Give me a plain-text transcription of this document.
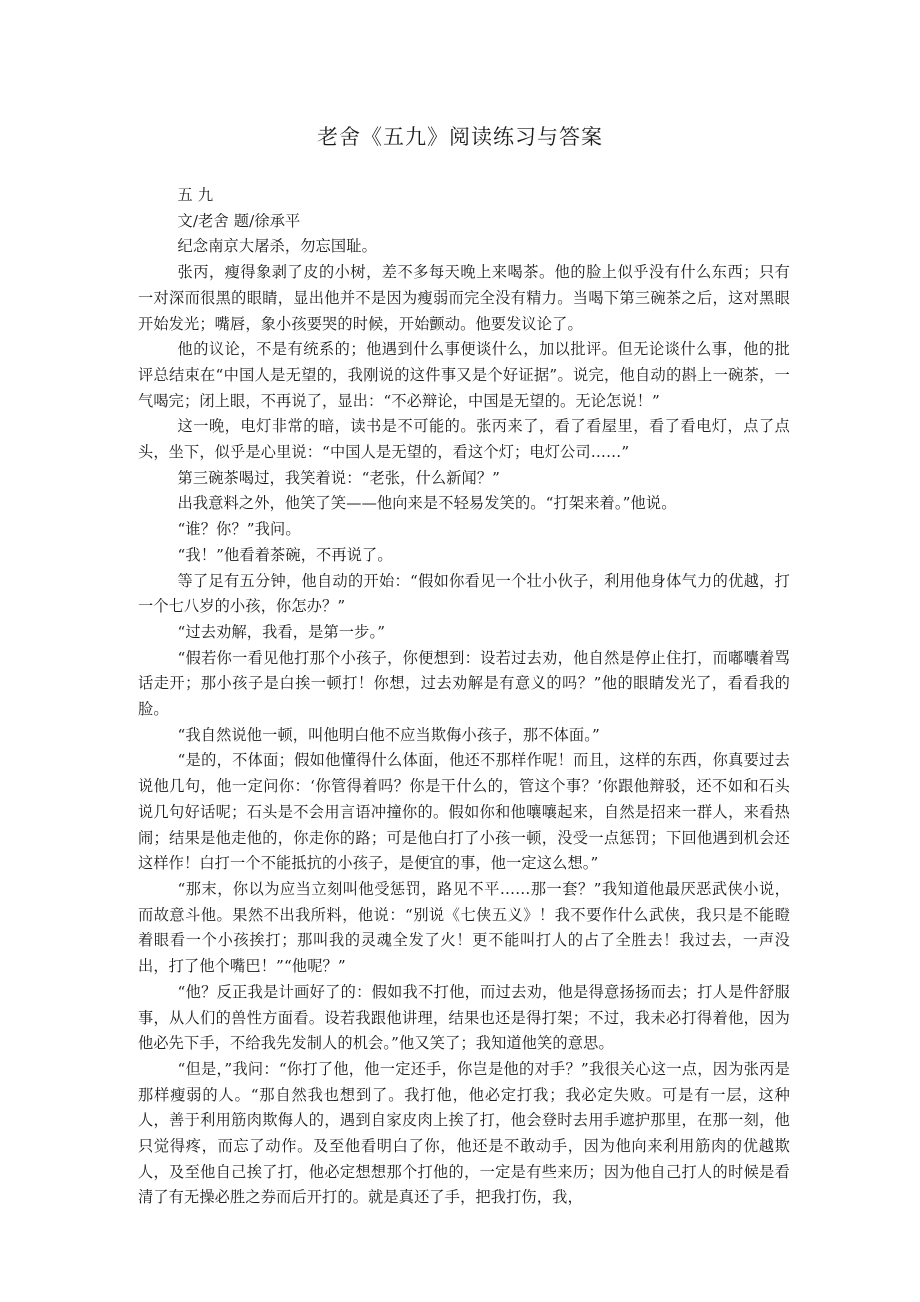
老舍《五九》阅读练习与答案

五 九

文/老舍 题/徐承平

纪念南京大屠杀，勿忘国耻。

张丙，瘦得象剥了皮的小树，差不多每天晚上来喝茶。他的脸上似乎没有什么东西；只有一对深而很黑的眼睛，显出他并不是因为瘦弱而完全没有精力。当喝下第三碗茶之后，这对黑眼开始发光；嘴唇，象小孩要哭的时候，开始颤动。他要发议论了。

他的议论，不是有统系的；他遇到什么事便谈什么，加以批评。但无论谈什么事，他的批评总结束在“中国人是无望的，我刚说的这件事又是个好证据”。说完，他自动的斟上一碗茶，一气喝完；闭上眼，不再说了，显出：“不必辩论，中国是无望的。无论怎说！”

这一晚，电灯非常的暗，读书是不可能的。张丙来了，看了看屋里，看了看电灯，点了点头，坐下，似乎是心里说：“中国人是无望的，看这个灯；电灯公司……”

第三碗茶喝过，我笑着说：“老张，什么新闻？”

出我意料之外，他笑了笑——他向来是不轻易发笑的。“打架来着。”他说。

“谁？你？”我问。

“我！”他看着茶碗，不再说了。

等了足有五分钟，他自动的开始：“假如你看见一个壮小伙子，利用他身体气力的优越，打一个七八岁的小孩，你怎办？”

“过去劝解，我看，是第一步。”

“假若你一看见他打那个小孩子，你便想到：设若过去劝，他自然是停止住打，而嘟囔着骂话走开；那小孩子是白挨一顿打！你想，过去劝解是有意义的吗？”他的眼睛发光了，看看我的脸。

“我自然说他一顿，叫他明白他不应当欺侮小孩子，那不体面。”

“是的，不体面；假如他懂得什么体面，他还不那样作呢！而且，这样的东西，你真要过去说他几句，他一定问你：‘你管得着吗？你是干什么的，管这个事？’你跟他辩驳，还不如和石头说几句好话呢；石头是不会用言语冲撞你的。假如你和他嚷嚷起来，自然是招来一群人，来看热闹；结果是他走他的，你走你的路；可是他白打了小孩一顿，没受一点惩罚；下回他遇到机会还这样作！白打一个不能抵抗的小孩子，是便宜的事，他一定这么想。”

“那末，你以为应当立刻叫他受惩罚，路见不平……那一套？”我知道他最厌恶武侠小说，而故意斗他。果然不出我所料，他说：“别说《七侠五义》！我不要作什么武侠，我只是不能瞪着眼看一个小孩挨打；那叫我的灵魂全发了火！更不能叫打人的占了全胜去！我过去，一声没出，打了他个嘴巴！”“他呢？”

“他？反正我是计画好了的：假如我不打他，而过去劝，他是得意扬扬而去；打人是件舒服事，从人们的兽性方面看。设若我跟他讲理，结果也还是得打架；不过，我未必打得着他，因为他必先下手，不给我先发制人的机会。”他又笑了；我知道他笑的意思。

“但是，”我问：“你打了他，他一定还手，你岂是他的对手？”我很关心这一点，因为张丙是那样瘦弱的人。“那自然我也想到了。我打他，他必定打我；我必定失败。可是有一层，这种人，善于利用筋肉欺侮人的，遇到自家皮肉上挨了打，他会登时去用手遮护那里，在那一刻，他只觉得疼，而忘了动作。及至他看明白了你，他还是不敢动手，因为他向来利用筋肉的优越欺人，及至他自己挨了打，他必定想想那个打他的，一定是有些来历；因为他自己打人的时候是看清了有无操必胜之券而后开打的。就是真还了手，把我打伤，我，
